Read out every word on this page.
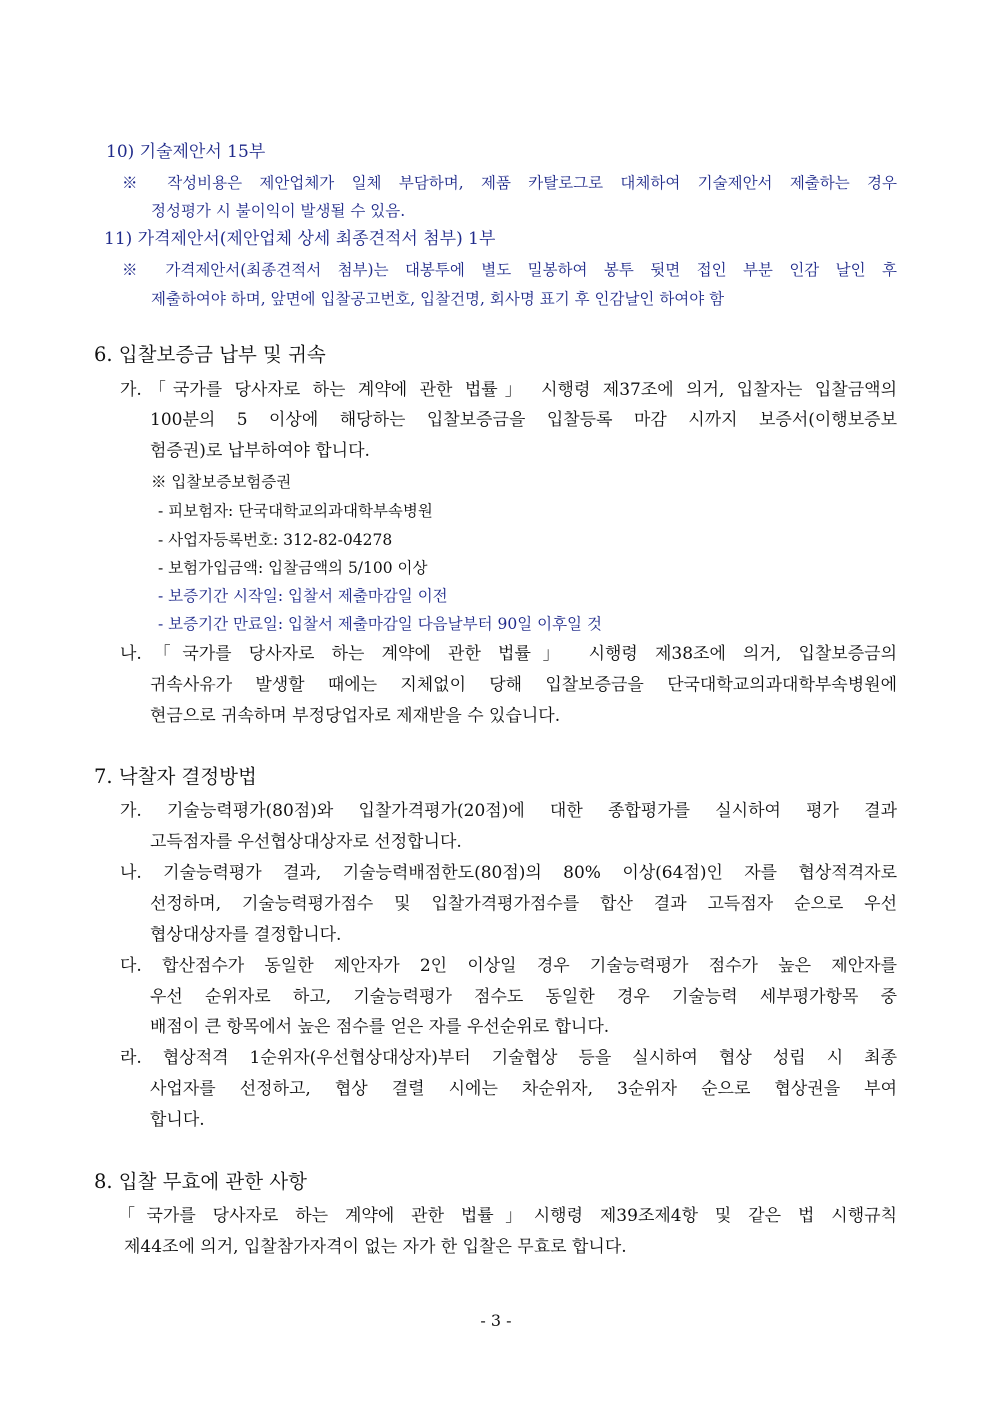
10) 기술제안서 15부
※ 작성비용은 제안업체가 일체 부담하며, 제품 카탈로그로 대체하여 기술제안서 제출하는 경우
정성평가 시 불이익이 발생될 수 있음.
11) 가격제안서(제안업체 상세 최종견적서 첨부) 1부
※ 가격제안서(최종견적서 첨부)는 대봉투에 별도 밀봉하여 봉투 뒷면 접인 부분 인감 날인 후
제출하여야 하며, 앞면에 입찰공고번호, 입찰건명, 회사명 표기 후 인감날인 하여야 함
6. 입찰보증금 납부 및 귀속
가.「국가를 당사자로 하는 계약에 관한 법률」 시행령 제37조에 의거, 입찰자는 입찰금액의
100분의 5 이상에 해당하는 입찰보증금을 입찰등록 마감 시까지 보증서(이행보증보
험증권)로 납부하여야 합니다.
※ 입찰보증보험증권
- 피보험자: 단국대학교의과대학부속병원
- 사업자등록번호: 312-82-04278
- 보험가입금액: 입찰금액의 5/100 이상
- 보증기간 시작일: 입찰서 제출마감일 이전
- 보증기간 만료일: 입찰서 제출마감일 다음날부터 90일 이후일 것
나.「국가를 당사자로 하는 계약에 관한 법률」 시행령 제38조에 의거, 입찰보증금의
귀속사유가 발생할 때에는 지체없이 당해 입찰보증금을 단국대학교의과대학부속병원에
현금으로 귀속하며 부정당업자로 제재받을 수 있습니다.
7. 낙찰자 결정방법
가. 기술능력평가(80점)와 입찰가격평가(20점)에 대한 종합평가를 실시하여 평가 결과
고득점자를 우선협상대상자로 선정합니다.
나. 기술능력평가 결과, 기술능력배점한도(80점)의 80% 이상(64점)인 자를 협상적격자로
선정하며, 기술능력평가점수 및 입찰가격평가점수를 합산 결과 고득점자 순으로 우선
협상대상자를 결정합니다.
다. 합산점수가 동일한 제안자가 2인 이상일 경우 기술능력평가 점수가 높은 제안자를
우선 순위자로 하고, 기술능력평가 점수도 동일한 경우 기술능력 세부평가항목 중
배점이 큰 항목에서 높은 점수를 얻은 자를 우선순위로 합니다.
라. 협상적격 1순위자(우선협상대상자)부터 기술협상 등을 실시하여 협상 성립 시 최종
사업자를 선정하고, 협상 결렬 시에는 차순위자, 3순위자 순으로 협상권을 부여
합니다.
8. 입찰 무효에 관한 사항
「국가를 당사자로 하는 계약에 관한 법률」시행령 제39조제4항 및 같은 법 시행규칙
제44조에 의거, 입찰참가자격이 없는 자가 한 입찰은 무효로 합니다.
- 3 -
